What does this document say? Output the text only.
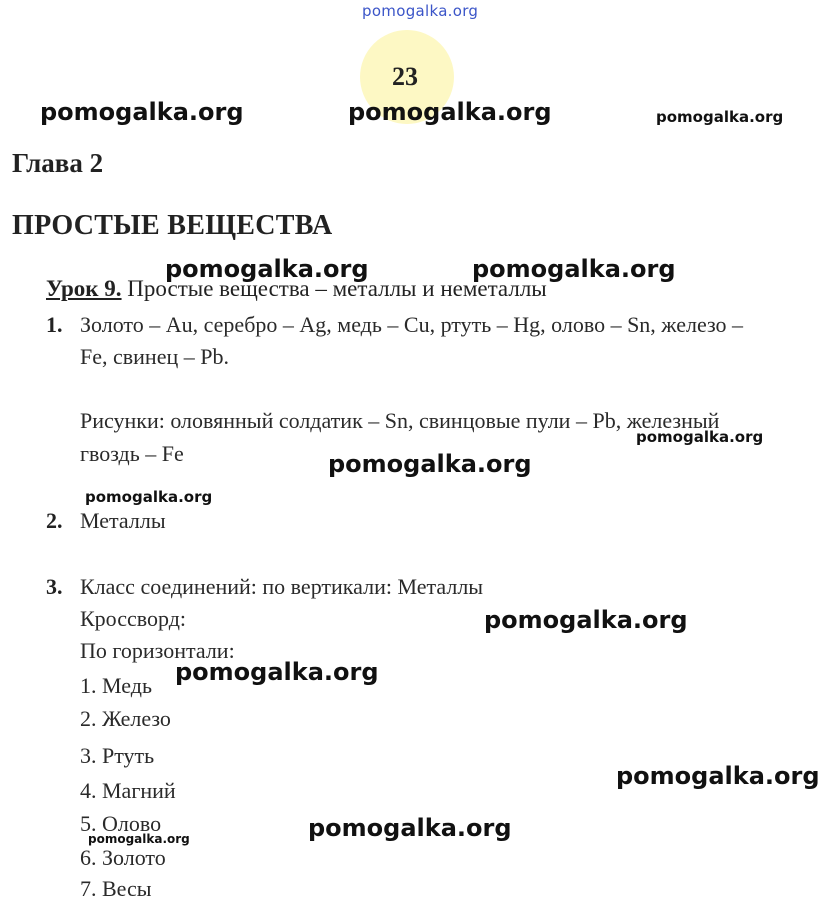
pomogalka.org
23
Глава 2
ПРОСТЫЕ ВЕЩЕСТВА
Урок 9. Простые вещества – металлы и неметаллы
1. Золото – Au, серебро – Ag, медь – Cu, ртуть – Hg, олово – Sn, железо –
Fe, свинец – Pb.
Рисунки: оловянный солдатик – Sn, свинцовые пули – Pb, железный
гвоздь – Fe
2. Металлы
3. Класс соединений: по вертикали: Металлы
Кроссворд:
По горизонтали:
1. Медь
2. Железо
3. Ртуть
4. Магний
5. Олово
6. Золото
7. Весы
pomogalka.org	pomogalka.org	pomogalka.org
pomogalka.org	pomogalka.org
pomogalka.org
pomogalka.org
pomogalka.org
pomogalka.org
pomogalka.org
pomogalka.org
pomogalka.org
pomogalka.org
